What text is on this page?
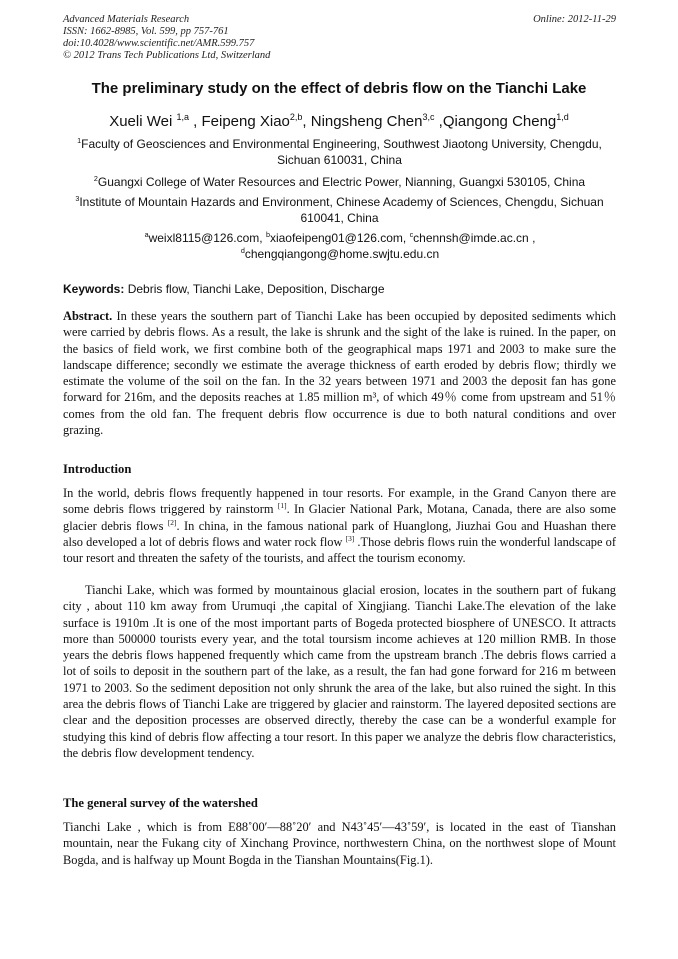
Advanced Materials Research
ISSN: 1662-8985, Vol. 599, pp 757-761
doi:10.4028/www.scientific.net/AMR.599.757
© 2012 Trans Tech Publications Ltd, Switzerland
Online: 2012-11-29
The preliminary study on the effect of debris flow on the Tianchi Lake
Xueli Wei $^{1,a}$ , Feipeng Xiao$^{2,b}$, Ningsheng Chen$^{3,c}$ ,Qiangong Cheng$^{1,d}$
$^1$Faculty of Geosciences and Environmental Engineering, Southwest Jiaotong University, Chengdu, Sichuan 610031, China
$^2$Guangxi College of Water Resources and Electric Power, Nianning, Guangxi 530105, China
$^3$Institute of Mountain Hazards and Environment, Chinese Academy of Sciences, Chengdu, Sichuan 610041, China
$^a$weixl8115@126.com, $^b$xiaofeipeng01@126.com, $^c$chennsh@imde.ac.cn , $^d$chengqiangong@home.swjtu.edu.cn
Keywords: Debris flow, Tianchi Lake, Deposition, Discharge
Abstract. In these years the southern part of Tianchi Lake has been occupied by deposited sediments which were carried by debris flows. As a result, the lake is shrunk and the sight of the lake is ruined. In the paper, on the basics of field work, we first combine both of the geographical maps 1971 and 2003 to make sure the landscape difference; secondly we estimate the average thickness of earth eroded by debris flow; thirdly we estimate the volume of the soil on the fan. In the 32 years between 1971 and 2003 the deposit fan has gone forward for 216m, and the deposits reaches at 1.85 million m³, of which 49％ come from upstream and 51％ comes from the old fan. The frequent debris flow occurrence is due to both natural conditions and over grazing.
Introduction
In the world, debris flows frequently happened in tour resorts. For example, in the Grand Canyon there are some debris flows triggered by rainstorm [1]. In Glacier National Park, Motana, Canada, there are also some glacier debris flows [2]. In china, in the famous national park of Huanglong, Jiuzhai Gou and Huashan there also developed a lot of debris flows and water rock flow [3] .Those debris flows ruin the wonderful landscape of tour resort and threaten the safety of the tourists, and affect the tourism economy.
Tianchi Lake, which was formed by mountainous glacial erosion, locates in the southern part of fukang city , about 110 km away from Urumuqi ,the capital of Xingjiang. Tianchi Lake.The elevation of the lake surface is 1910m .It is one of the most important parts of Bogeda protected biosphere of UNESCO. It attracts more than 500000 tourists every year, and the total toursism income achieves at 120 million RMB. In those years the debris flows happened frequently which came from the upstream branch .The debris flows carried a lot of soils to deposit in the southern part of the lake, as a result, the fan had gone forward for 216 m between 1971 to 2003. So the sediment deposition not only shrunk the area of the lake, but also ruined the sight. In this area the debris flows of Tianchi Lake are triggered by glacier and rainstorm. The layered deposited sections are clear and the deposition processes are observed directly, thereby the case can be a wonderful example for studying this kind of debris flow affecting a tour resort. In this paper we analyze the debris flow characteristics, the debris flow development tendency.
The general survey of the watershed
Tianchi Lake , which is from E88˚00′—88˚20′ and N43˚45′—43˚59′, is located in the east of Tianshan mountain, near the Fukang city of Xinchang Province, northwestern China, on the northwest slope of Mount Bogda, and is halfway up Mount Bogda in the Tianshan Mountains(Fig.1).
